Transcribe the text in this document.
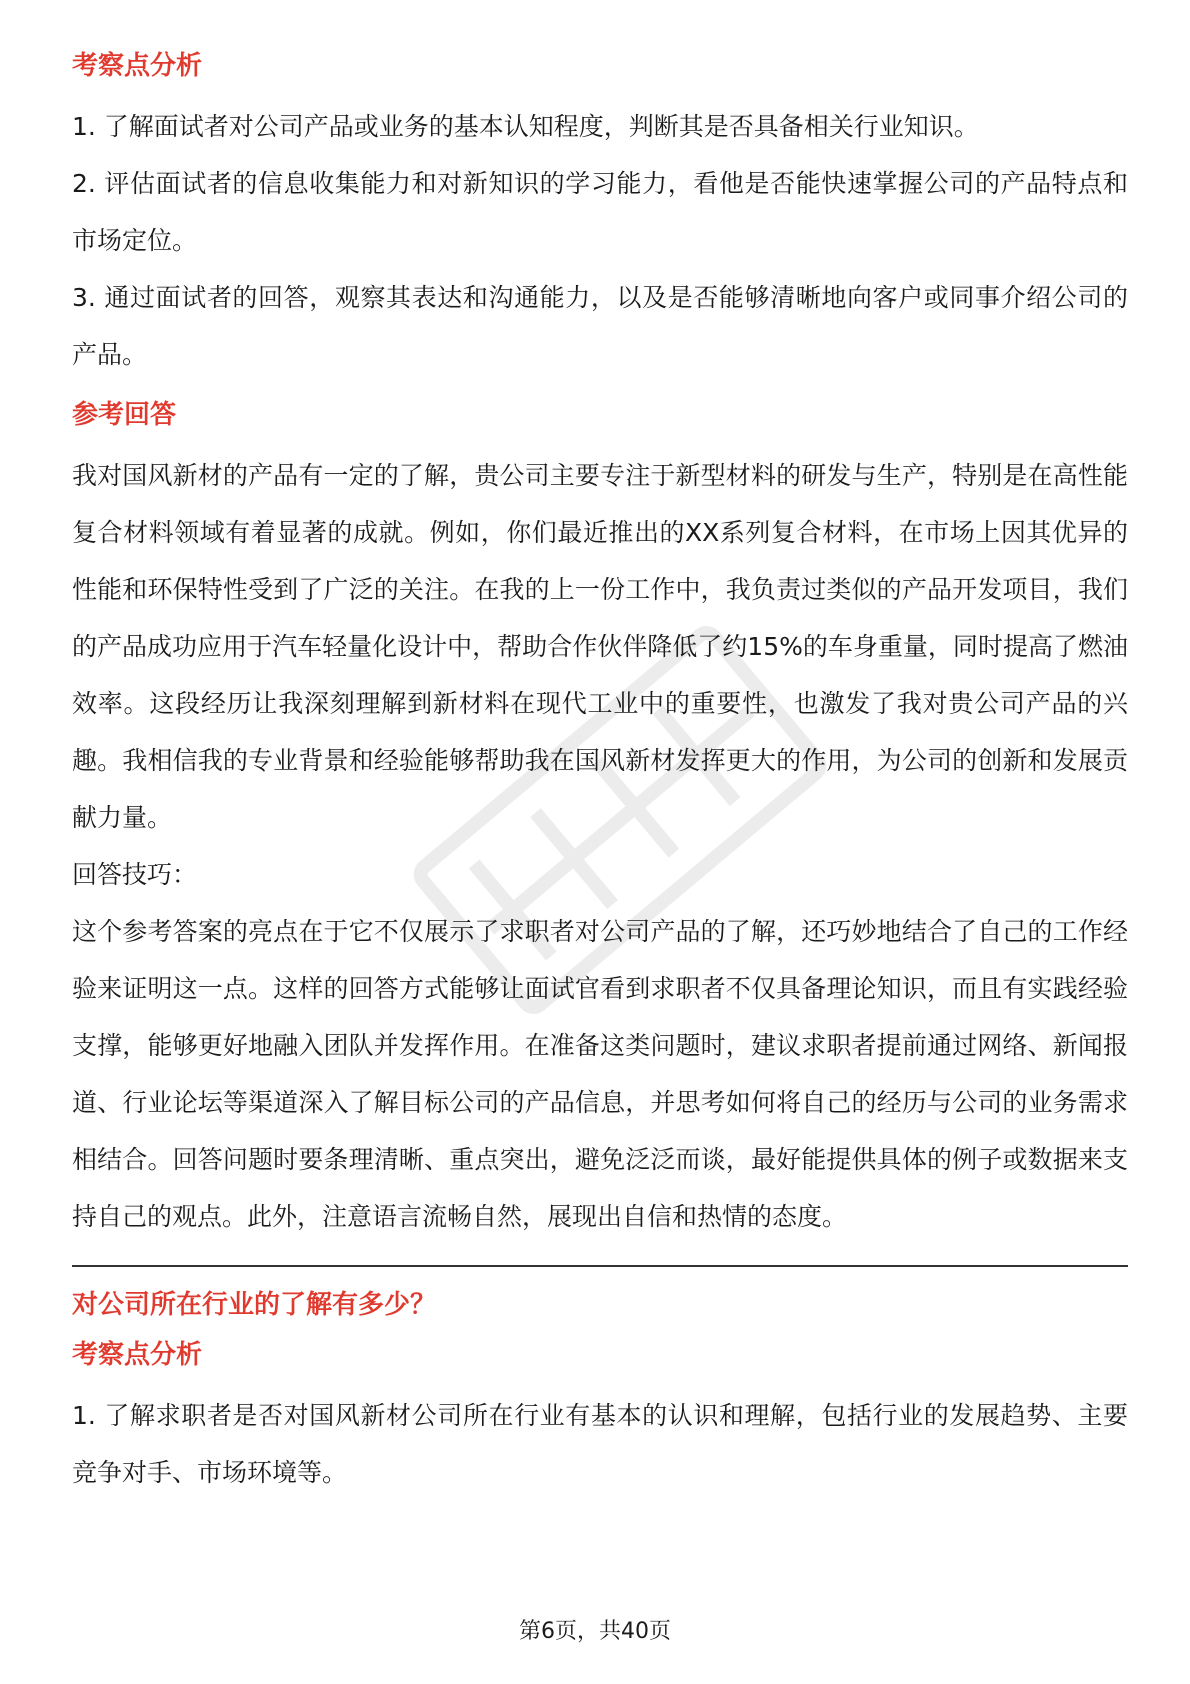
考察点分析

1. 了解面试者对公司产品或业务的基本认知程度，判断其是否具备相关行业知识。

2. 评估面试者的信息收集能力和对新知识的学习能力，看他是否能快速掌握公司的产品特点和市场定位。

3. 通过面试者的回答，观察其表达和沟通能力，以及是否能够清晰地向客户或同事介绍公司的产品。

参考回答

我对国风新材的产品有一定的了解，贵公司主要专注于新型材料的研发与生产，特别是在高性能复合材料领域有着显著的成就。例如，你们最近推出的XX系列复合材料，在市场上因其优异的性能和环保特性受到了广泛的关注。在我的上一份工作中，我负责过类似的产品开发项目，我们的产品成功应用于汽车轻量化设计中，帮助合作伙伴降低了约15%的车身重量，同时提高了燃油效率。这段经历让我深刻理解到新材料在现代工业中的重要性，也激发了我对贵公司产品的兴趣。我相信我的专业背景和经验能够帮助我在国风新材发挥更大的作用，为公司的创新和发展贡献力量。

回答技巧：

这个参考答案的亮点在于它不仅展示了求职者对公司产品的了解，还巧妙地结合了自己的工作经验来证明这一点。这样的回答方式能够让面试官看到求职者不仅具备理论知识，而且有实践经验支撑，能够更好地融入团队并发挥作用。在准备这类问题时，建议求职者提前通过网络、新闻报道、行业论坛等渠道深入了解目标公司的产品信息，并思考如何将自己的经历与公司的业务需求相结合。回答问题时要条理清晰、重点突出，避免泛泛而谈，最好能提供具体的例子或数据来支持自己的观点。此外，注意语言流畅自然，展现出自信和热情的态度。

对公司所在行业的了解有多少？
考察点分析

1. 了解求职者是否对国风新材公司所在行业有基本的认识和理解，包括行业的发展趋势、主要竞争对手、市场环境等。

第6页，共40页
